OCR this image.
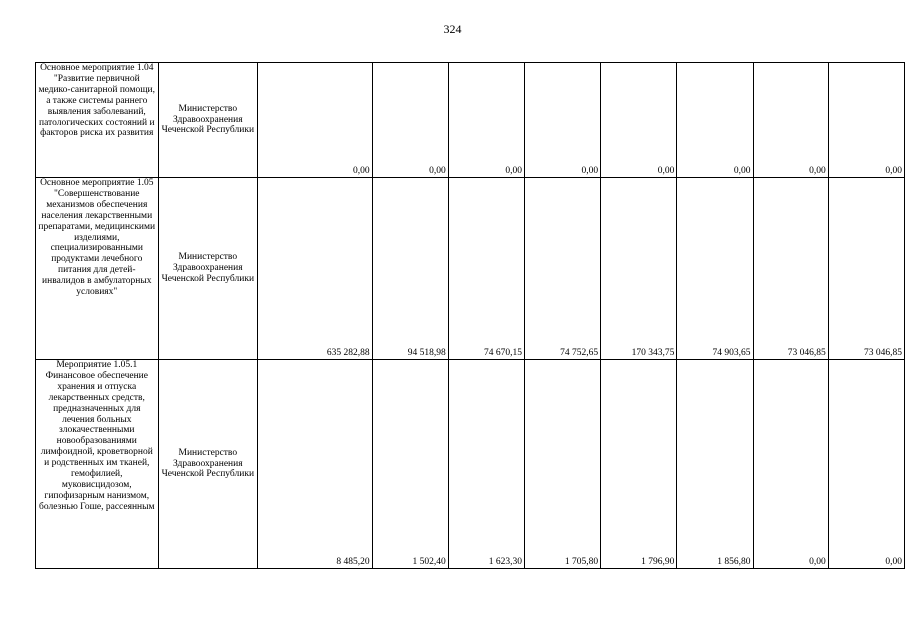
324
Основное мероприятие 1.04 "Развитие первичной медико-санитарной помощи, а также системы раннего выявления заболеваний, патологических состояний и факторов риска их развития	Министерство Здравоохранения Чеченской Республики	0,00	0,00	0,00	0,00	0,00	0,00	0,00	0,00
Основное мероприятие 1.05 "Совершенствование механизмов обеспечения населения лекарственными препаратами, медицинскими изделиями, специализированными продуктами лечебного питания для детей-инвалидов в амбулаторных условиях"	Министерство Здравоохранения Чеченской Республики	635 282,88	94 518,98	74 670,15	74 752,65	170 343,75	74 903,65	73 046,85	73 046,85
Мероприятие 1.05.1 Финансовое обеспечение хранения и отпуска лекарственных средств, предназначенных для лечения больных злокачественными новообразованиями лимфоидной, кроветворной и родственных им тканей, гемофилией, муковисцидозом, гипофизарным нанизмом, болезнью Гоше, рассеянным	Министерство Здравоохранения Чеченской Республики	8 485,20	1 502,40	1 623,30	1 705,80	1 796,90	1 856,80	0,00	0,00
